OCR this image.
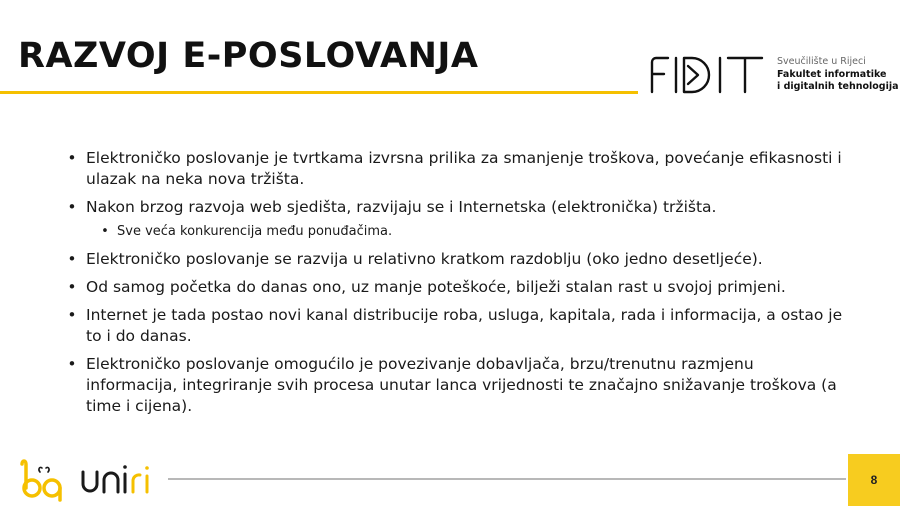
RAZVOJ E-POSLOVANJA	Sveučilište u Rijeci
Fakultet informatike
i digitalnih tehnologija
• Elektroničko poslovanje je tvrtkama izvrsna prilika za smanjenje troškova, povećanje efikasnosti i ulazak na neka nova tržišta.
• Nakon brzog razvoja web sjedišta, razvijaju se i Internetska (elektronička) tržišta.
• Sve veća konkurencija među ponuđačima.
• Elektroničko poslovanje se razvija u relativno kratkom razdoblju (oko jedno desetljeće).
• Od samog početka do danas ono, uz manje poteškoće, bilježi stalan rast u svojoj primjeni.
• Internet je tada postao novi kanal distribucije roba, usluga, kapitala, rada i informacija, a ostao je to i do danas.
• Elektroničko poslovanje omogućilo je povezivanje dobavljača, brzu/trenutnu razmjenu informacija, integriranje svih procesa unutar lanca vrijednosti te značajno snižavanje troškova (a time i cijena).
8
